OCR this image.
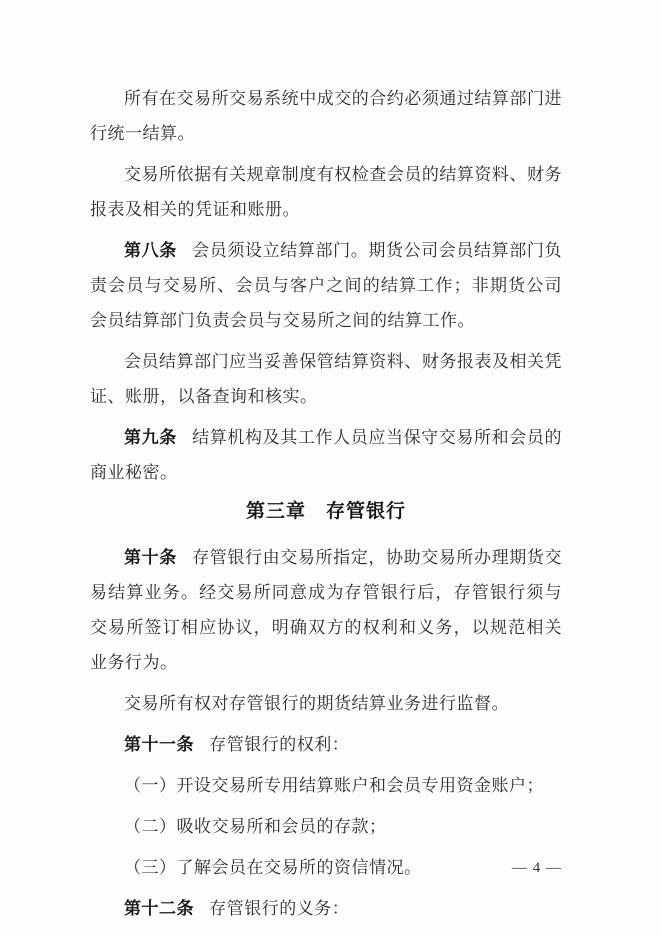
所有在交易所交易系统中成交的合约必须通过结算部门进行统一结算。

交易所依据有关规章制度有权检查会员的结算资料、财务报表及相关的凭证和账册。

第八条 会员须设立结算部门。期货公司会员结算部门负责会员与交易所、会员与客户之间的结算工作；非期货公司会员结算部门负责会员与交易所之间的结算工作。

会员结算部门应当妥善保管结算资料、财务报表及相关凭证、账册，以备查询和核实。

第九条 结算机构及其工作人员应当保守交易所和会员的商业秘密。

第三章　存管银行

第十条 存管银行由交易所指定，协助交易所办理期货交易结算业务。经交易所同意成为存管银行后，存管银行须与交易所签订相应协议，明确双方的权利和义务，以规范相关业务行为。

交易所有权对存管银行的期货结算业务进行监督。

第十一条 存管银行的权利：

（一）开设交易所专用结算账户和会员专用资金账户；

（二）吸收交易所和会员的存款；

（三）了解会员在交易所的资信情况。

第十二条 存管银行的义务：

— 4 —
